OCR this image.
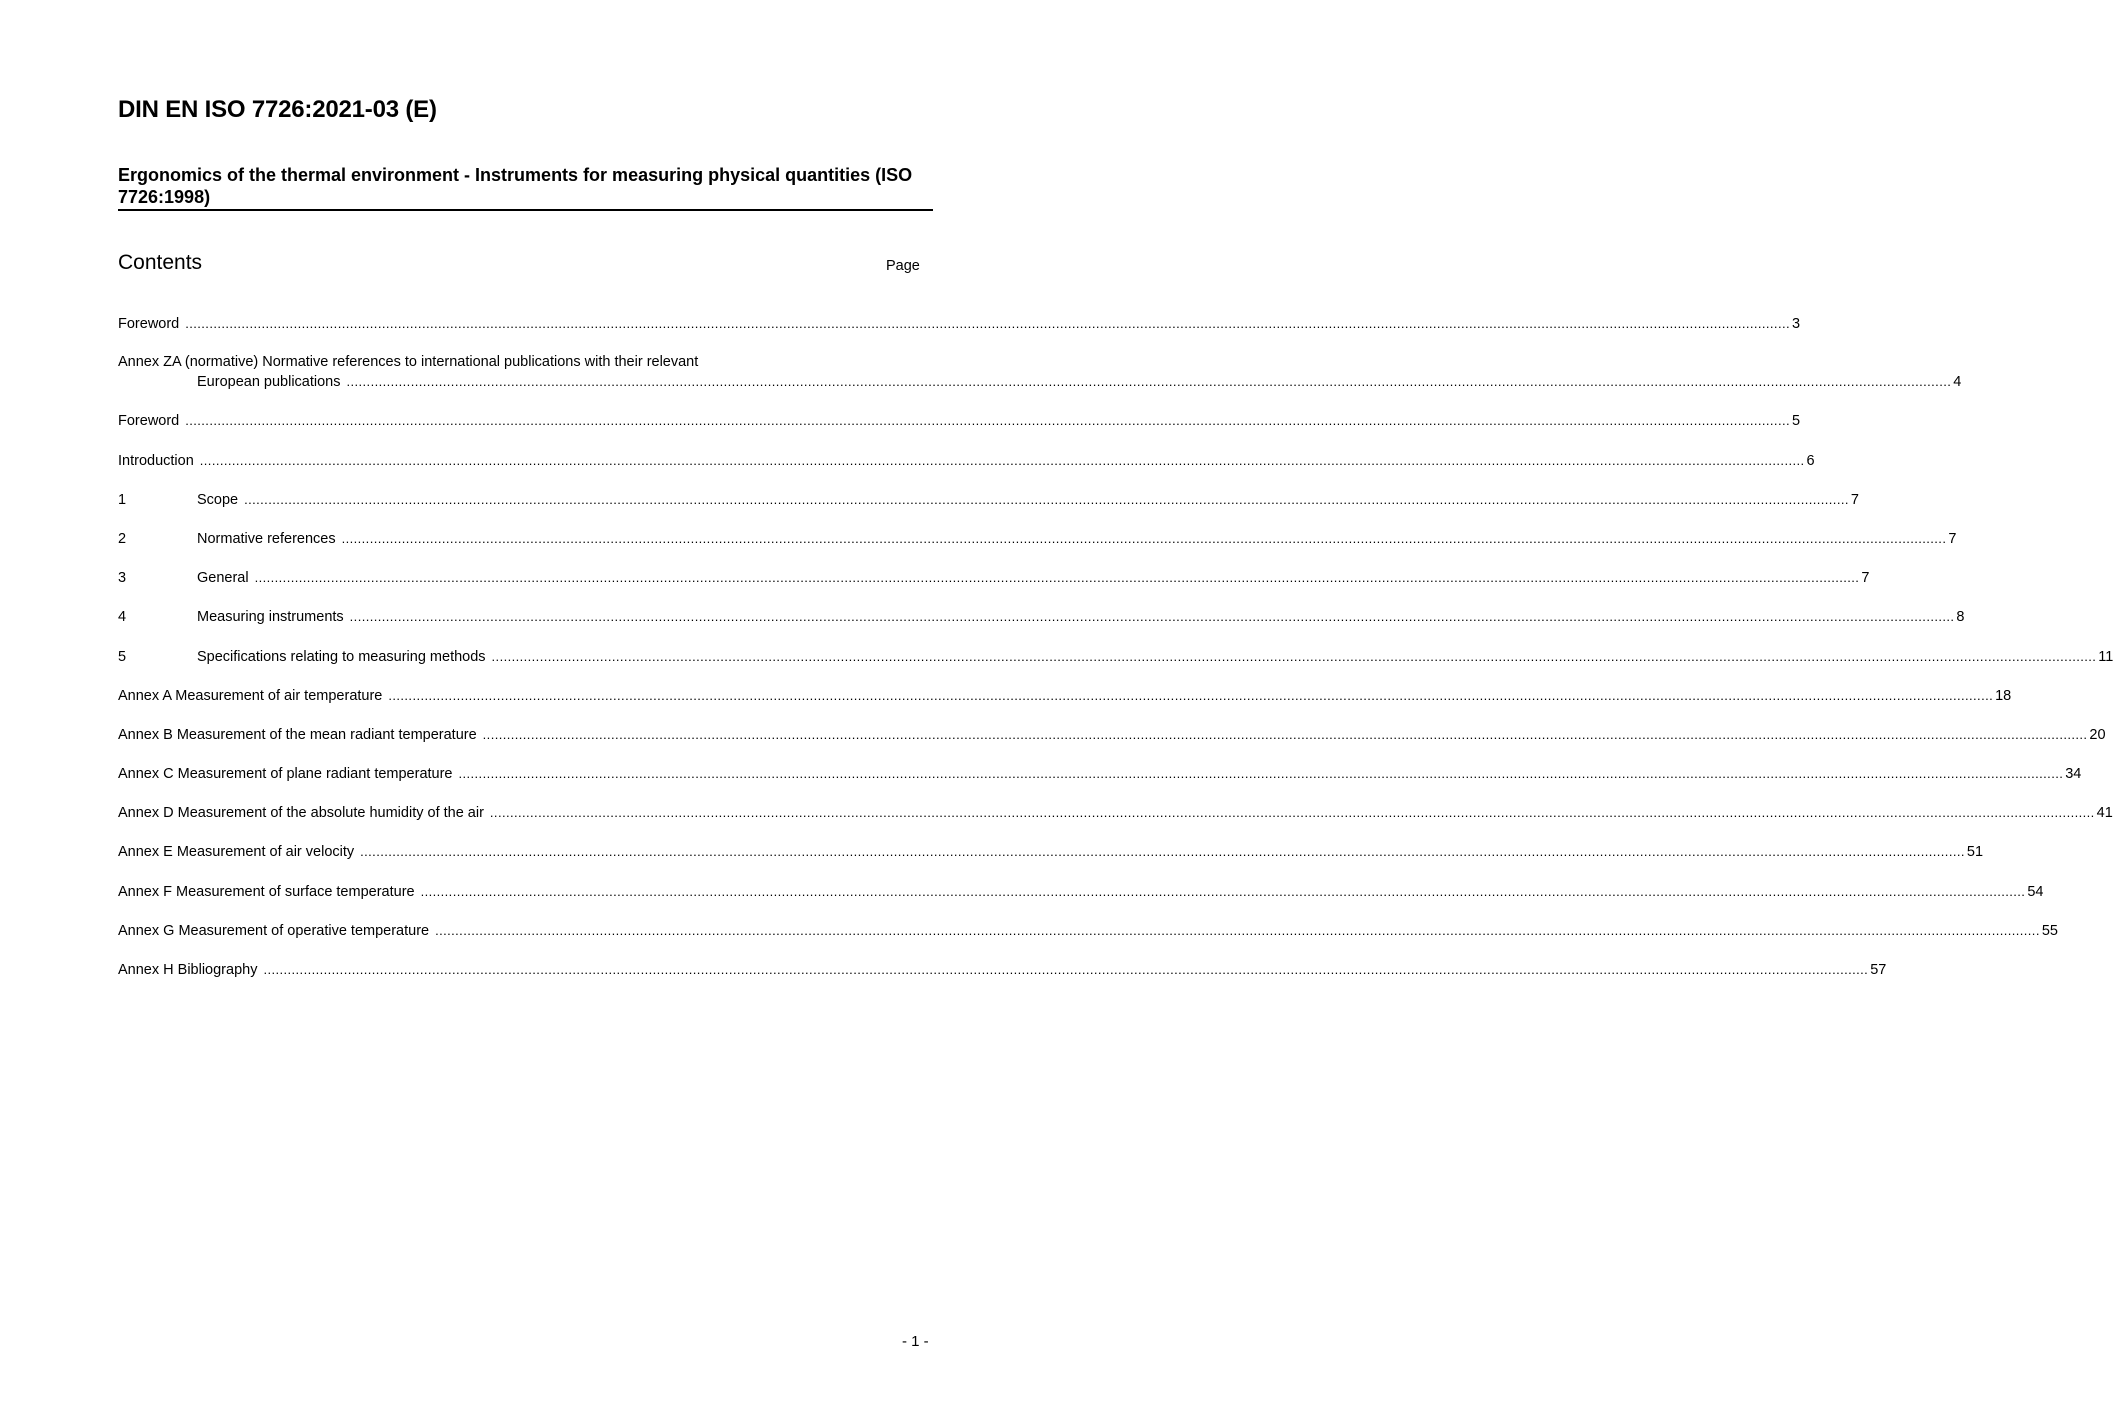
DIN EN ISO 7726:2021-03 (E)
Ergonomics of the thermal environment - Instruments for measuring physical quantities (ISO 7726:1998)
Contents	Page
Foreword ................................................................................................................................................................................................................................................................................................................................................................................................................ 3
Annex ZA (normative) Normative references to international publications with their relevant
European publications ................................................................................................................................................................................................................................................................................................................................................................................................................ 4
Foreword ................................................................................................................................................................................................................................................................................................................................................................................................................ 5
Introduction ................................................................................................................................................................................................................................................................................................................................................................................................................ 6
1	Scope ................................................................................................................................................................................................................................................................................................................................................................................................................ 7
2	Normative references ................................................................................................................................................................................................................................................................................................................................................................................................................ 7
3	General ................................................................................................................................................................................................................................................................................................................................................................................................................ 7
4	Measuring instruments ................................................................................................................................................................................................................................................................................................................................................................................................................ 8
5	Specifications relating to measuring methods ................................................................................................................................................................................................................................................................................................................................................................................................................ 11
Annex A Measurement of air temperature ................................................................................................................................................................................................................................................................................................................................................................................................................ 18
Annex B Measurement of the mean radiant temperature ................................................................................................................................................................................................................................................................................................................................................................................................................ 20
Annex C Measurement of plane radiant temperature ................................................................................................................................................................................................................................................................................................................................................................................................................ 34
Annex D Measurement of the absolute humidity of the air ................................................................................................................................................................................................................................................................................................................................................................................................................ 41
Annex E Measurement of air velocity ................................................................................................................................................................................................................................................................................................................................................................................................................ 51
Annex F Measurement of surface temperature ................................................................................................................................................................................................................................................................................................................................................................................................................ 54
Annex G Measurement of operative temperature ................................................................................................................................................................................................................................................................................................................................................................................................................ 55
Annex H Bibliography ................................................................................................................................................................................................................................................................................................................................................................................................................ 57
- 1 -
